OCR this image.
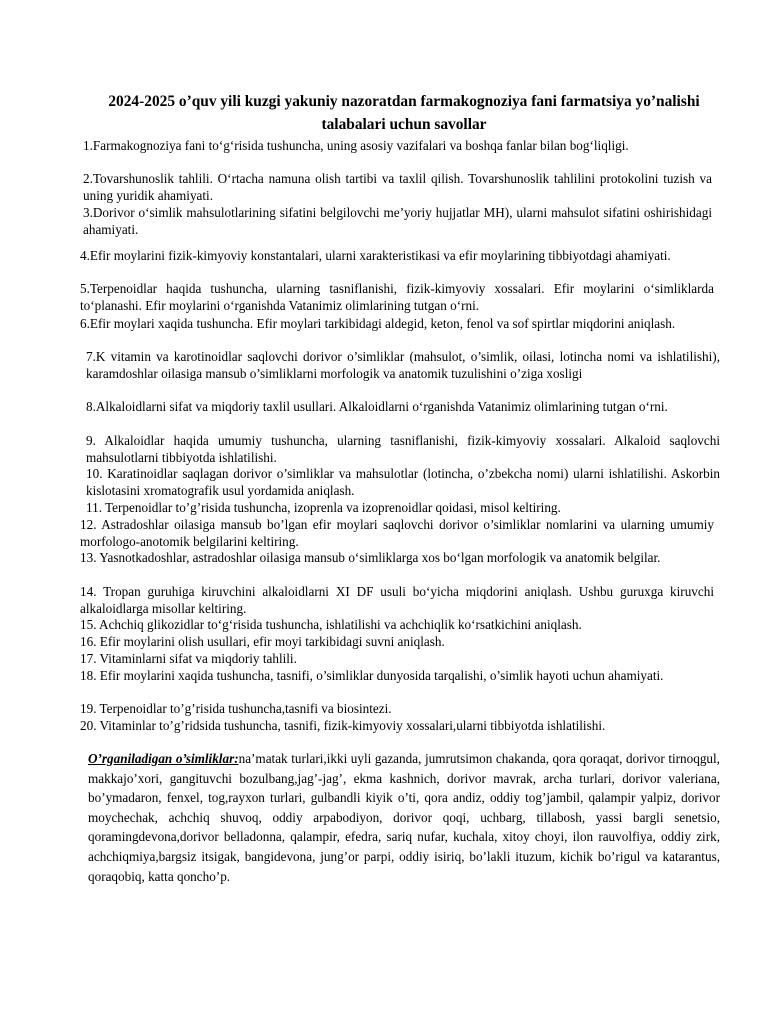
2024-2025 o’quv yili kuzgi yakuniy nazoratdan farmakognoziya fani farmatsiya yo’nalishi talabalari uchun savollar

1.Farmakognoziya fani to‘g‘risida tushuncha, uning asosiy vazifalari va boshqa fanlar bilan bog‘liqligi.

2.Tovarshunoslik tahlili. O‘rtacha namuna olish tartibi va taxlil qilish. Tovarshunoslik tahlilini protokolini tuzish va uning yuridik ahamiyati.

3.Dorivor o‘simlik mahsulotlarining sifatini belgilovchi me’yoriy hujjatlar MH), ularni mahsulot sifatini oshirishidagi ahamiyati.

4.Efir moylarini fizik-kimyoviy konstantalari, ularni xarakteristikasi va efir moylarining tibbiyotdagi ahamiyati.

5.Terpenoidlar haqida tushuncha, ularning tasniflanishi, fizik-kimyoviy xossalari. Efir moylarini o‘simliklarda to‘planashi. Efir moylarini o‘rganishda Vatanimiz olimlarining tutgan o‘rni.

6.Efir moylari xaqida tushuncha. Efir moylari tarkibidagi aldegid, keton, fenol va sof spirtlar miqdorini aniqlash.

7.K vitamin va karotinoidlar saqlovchi dorivor o’simliklar (mahsulot, o’simlik, oilasi, lotincha nomi va ishlatilishi), karamdoshlar oilasiga mansub o’simliklarni morfologik va anatomik tuzulishini o’ziga xosligi

8.Alkaloidlarni sifat va miqdoriy taxlil usullari. Alkaloidlarni o‘rganishda Vatanimiz olimlarining tutgan o‘rni.

9. Alkaloidlar haqida umumiy tushuncha, ularning tasniflanishi, fizik-kimyoviy xossalari. Alkaloid saqlovchi mahsulotlarni tibbiyotda ishlatilishi.

10. Karatinoidlar saqlagan dorivor o’simliklar va mahsulotlar (lotincha, o’zbekcha nomi) ularni ishlatilishi. Askorbin kislotasini xromatografik usul yordamida aniqlash.

11. Terpenoidlar to’g’risida tushuncha, izoprenla va izoprenoidlar qoidasi, misol keltiring.

12. Astradoshlar oilasiga mansub bo’lgan efir moylari saqlovchi dorivor o’simliklar nomlarini va ularning umumiy morfologo-anotomik belgilarini keltiring.

13. Yasnotkadoshlar, astradoshlar oilasiga mansub o‘simliklarga xos bo‘lgan morfologik va anatomik belgilar.

14. Tropan guruhiga kiruvchini alkaloidlarni XI DF usuli bo‘yicha miqdorini aniqlash. Ushbu guruxga kiruvchi alkaloidlarga misollar keltiring.

15. Achchiq glikozidlar to‘g‘risida tushuncha, ishlatilishi va achchiqlik ko‘rsatkichini aniqlash.

16. Efir moylarini olish usullari, efir moyi tarkibidagi suvni aniqlash.

17. Vitaminlarni sifat va miqdoriy tahlili.

18. Efir moylarini xaqida tushuncha, tasnifi, o’simliklar dunyosida tarqalishi, o’simlik hayoti uchun ahamiyati.

19. Terpenoidlar to’g’risida tushuncha,tasnifi va biosintezi.

20. Vitaminlar to’g’ridsida tushuncha, tasnifi, fizik-kimyoviy xossalari,ularni tibbiyotda ishlatilishi.

O’rganiladigan o’simliklar:na’matak turlari,ikki uyli gazanda, jumrutsimon chakanda, qora qoraqat, dorivor tirnoqgul, makkajo’xori, gangituvchi bozulbang,jag’-jag’, ekma kashnich, dorivor mavrak, archa turlari, dorivor valeriana, bo’ymadaron, fenxel, tog,rayxon turlari, gulbandli kiyik o’ti, qora andiz, oddiy tog’jambil, qalampir yalpiz, dorivor moychechak, achchiq shuvoq, oddiy arpabodiyon, dorivor qoqi, uchbarg, tillabosh, yassi bargli senetsio, qoramingdevona,dorivor belladonna, qalampir, efedra, sariq nufar, kuchala, xitoy choyi, ilon rauvolfiya, oddiy zirk, achchiqmiya,bargsiz itsigak, bangidevona, jung’or parpi, oddiy isiriq, bo’lakli ituzum, kichik bo’rigul va katarantus, qoraqobiq, katta qoncho’p.
